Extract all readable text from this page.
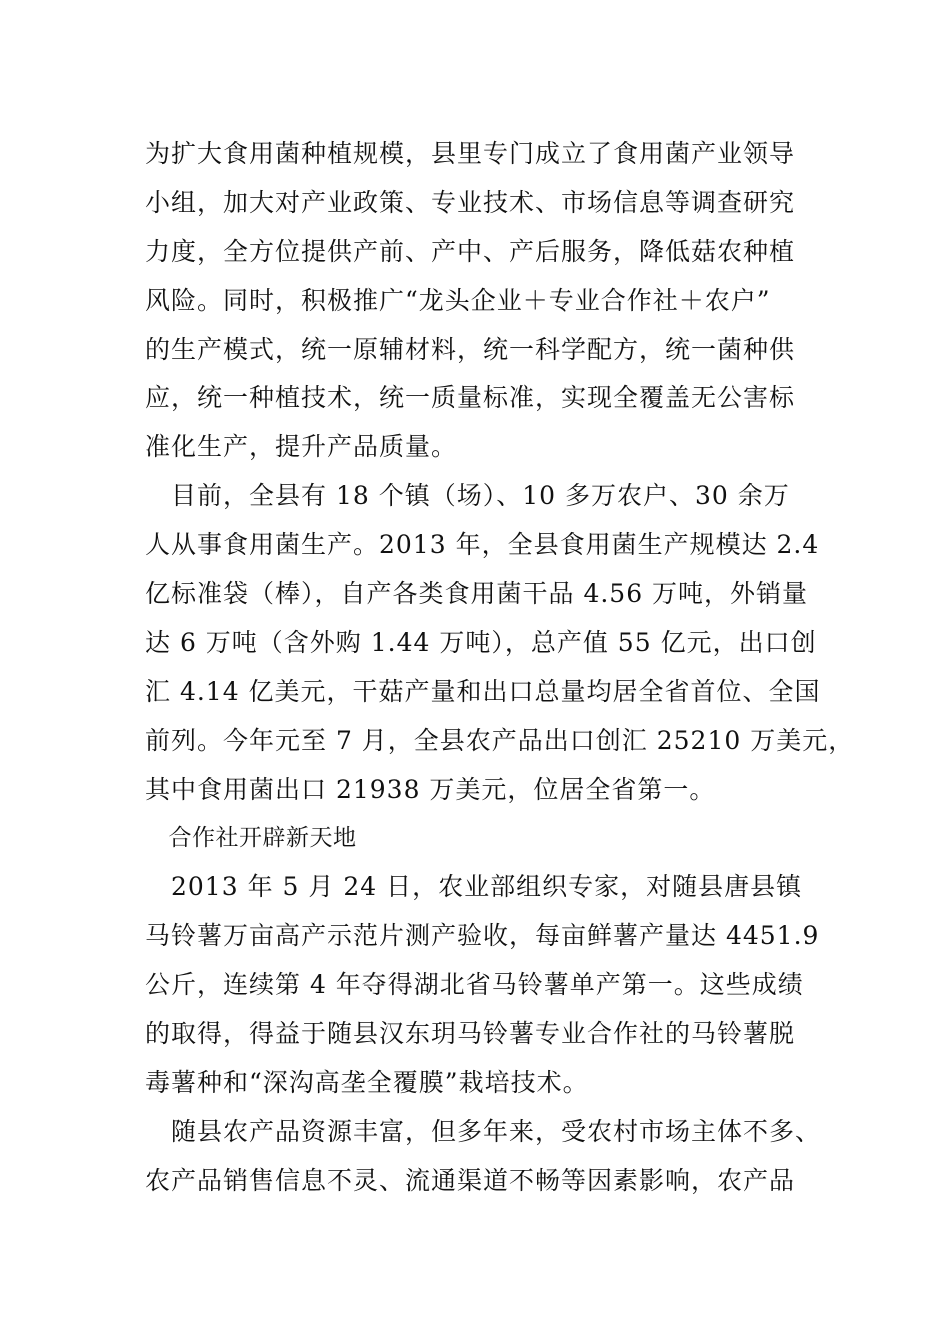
为扩大食用菌种植规模，县里专门成立了食用菌产业领导
小组，加大对产业政策、专业技术、市场信息等调查研究
力度，全方位提供产前、产中、产后服务，降低菇农种植
风险。同时，积极推广“龙头企业＋专业合作社＋农户”
的生产模式，统一原辅材料，统一科学配方，统一菌种供
应，统一种植技术，统一质量标准，实现全覆盖无公害标
准化生产，提升产品质量。
　目前，全县有 18 个镇（场）、10 多万农户、30 余万
人从事食用菌生产。2013 年，全县食用菌生产规模达 2.4
亿标准袋（棒），自产各类食用菌干品 4.56 万吨，外销量
达 6 万吨（含外购 1.44 万吨），总产值 55 亿元，出口创
汇 4.14 亿美元，干菇产量和出口总量均居全省首位、全国
前列。今年元至 7 月，全县农产品出口创汇 25210 万美元，
其中食用菌出口 21938 万美元，位居全省第一。
　合作社开辟新天地
　2013 年 5 月 24 日，农业部组织专家，对随县唐县镇
马铃薯万亩高产示范片测产验收，每亩鲜薯产量达 4451.9
公斤，连续第 4 年夺得湖北省马铃薯单产第一。这些成绩
的取得，得益于随县汉东玥马铃薯专业合作社的马铃薯脱
毒薯种和“深沟高垄全覆膜”栽培技术。
　随县农产品资源丰富，但多年来，受农村市场主体不多、
农产品销售信息不灵、流通渠道不畅等因素影响，农产品
